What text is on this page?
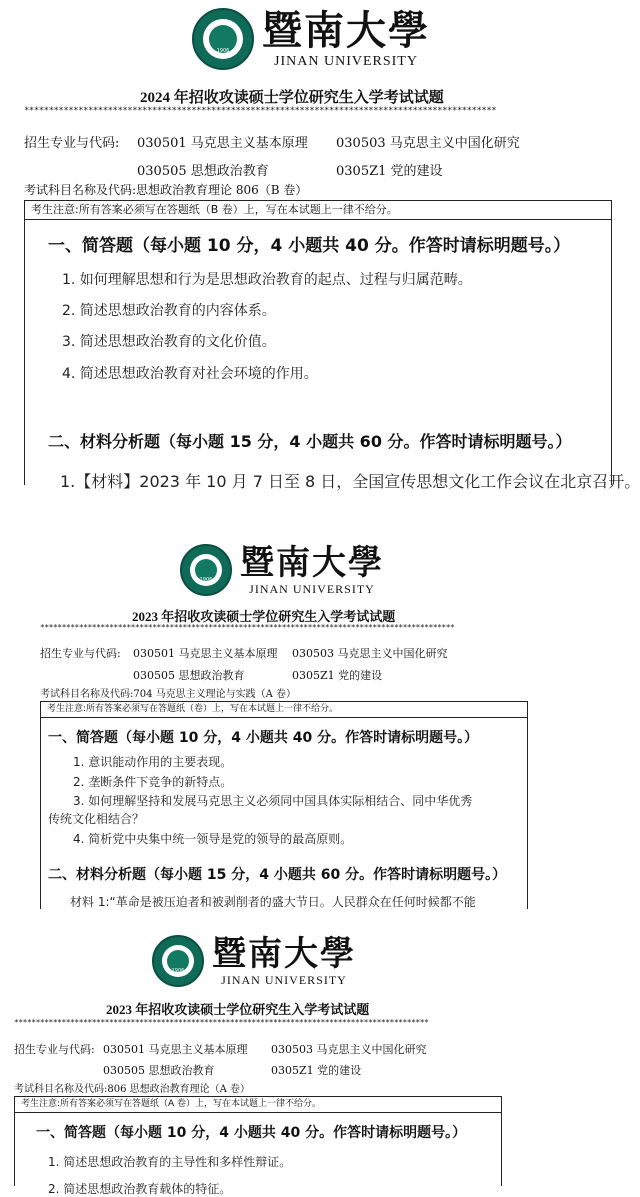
1906 暨南大學
JINAN UNIVERSITY
2024 年招收攻读硕士学位研究生入学考试试题
************************************************************************************************
招生专业与代码: 030501 马克思主义基本原理 030503 马克思主义中国化研究
030505 思想政治教育	0305Z1 党的建设
考试科目名称及代码:思想政治教育理论 806（B 卷）
考生注意:所有答案必须写在答题纸（B 卷）上，写在本试题上一律不给分。
一、简答题（每小题 10 分，4 小题共 40 分。作答时请标明题号。）
1. 如何理解思想和行为是思想政治教育的起点、过程与归属范畴。
2. 简述思想政治教育的内容体系。
3. 简述思想政治教育的文化价值。
4. 简述思想政治教育对社会环境的作用。
二、材料分析题（每小题 15 分，4 小题共 60 分。作答时请标明题号。）
1.【材料】2023 年 10 月 7 日至 8 日，全国宣传思想文化工作会议在北京召开。
1906 暨南大學
JINAN UNIVERSITY
2023 年招收攻读硕士学位研究生入学考试试题
************************************************************************************************
招生专业与代码: 030501 马克思主义基本原理 030503 马克思主义中国化研究
030505 思想政治教育	0305Z1 党的建设
考试科目名称及代码:704 马克思主义理论与实践（A 卷）
考生注意:所有答案必须写在答题纸（卷）上，写在本试题上一律不给分。
一、简答题（每小题 10 分，4 小题共 40 分。作答时请标明题号。）
1. 意识能动作用的主要表现。
2. 垄断条件下竞争的新特点。
3. 如何理解坚持和发展马克思主义必须同中国具体实际相结合、同中华优秀
传统文化相结合？
4. 简析党中央集中统一领导是党的领导的最高原则。
二、材料分析题（每小题 15 分，4 小题共 60 分。作答时请标明题号。）
材料 1:“革命是被压迫者和被剥削者的盛大节日。人民群众在任何时候都不能
1906 暨南大學
JINAN UNIVERSITY
2023 年招收攻读硕士学位研究生入学考试试题
************************************************************************************************
招生专业与代码: 030501 马克思主义基本原理 030503 马克思主义中国化研究
030505 思想政治教育	0305Z1 党的建设
考试科目名称及代码:806 思想政治教育理论（A 卷）
考生注意:所有答案必须写在答题纸（A 卷）上，写在本试题上一律不给分。
一、简答题（每小题 10 分，4 小题共 40 分。作答时请标明题号。）
1. 简述思想政治教育的主导性和多样性辩证。
2. 简述思想政治教育载体的特征。
